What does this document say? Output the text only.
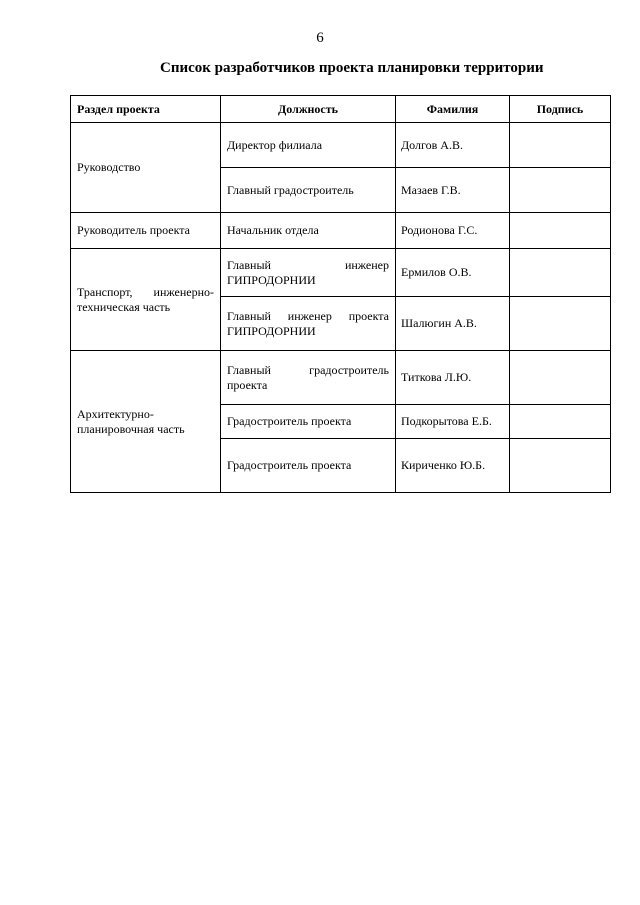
6
Список разработчиков проекта планировки территории
Раздел проекта	Должность	Фамилия	Подпись
Руководство	Директор филиала	Долгов А.В.	
	Главный градостроитель	Мазаев Г.В.	
Руководитель проекта	Начальник отдела	Родионова Г.С.	
Транспорт, инженерно-техническая часть	Главный инженер ГИПРОДОРНИИ	Ермилов О.В.	
	Главный инженер проекта ГИПРОДОРНИИ	Шалюгин А.В.	
Архитектурно-планировочная часть	Главный градостроитель проекта	Титкова Л.Ю.	
	Градостроитель проекта	Подкорытова Е.Б.	
	Градостроитель проекта	Кириченко Ю.Б.	
